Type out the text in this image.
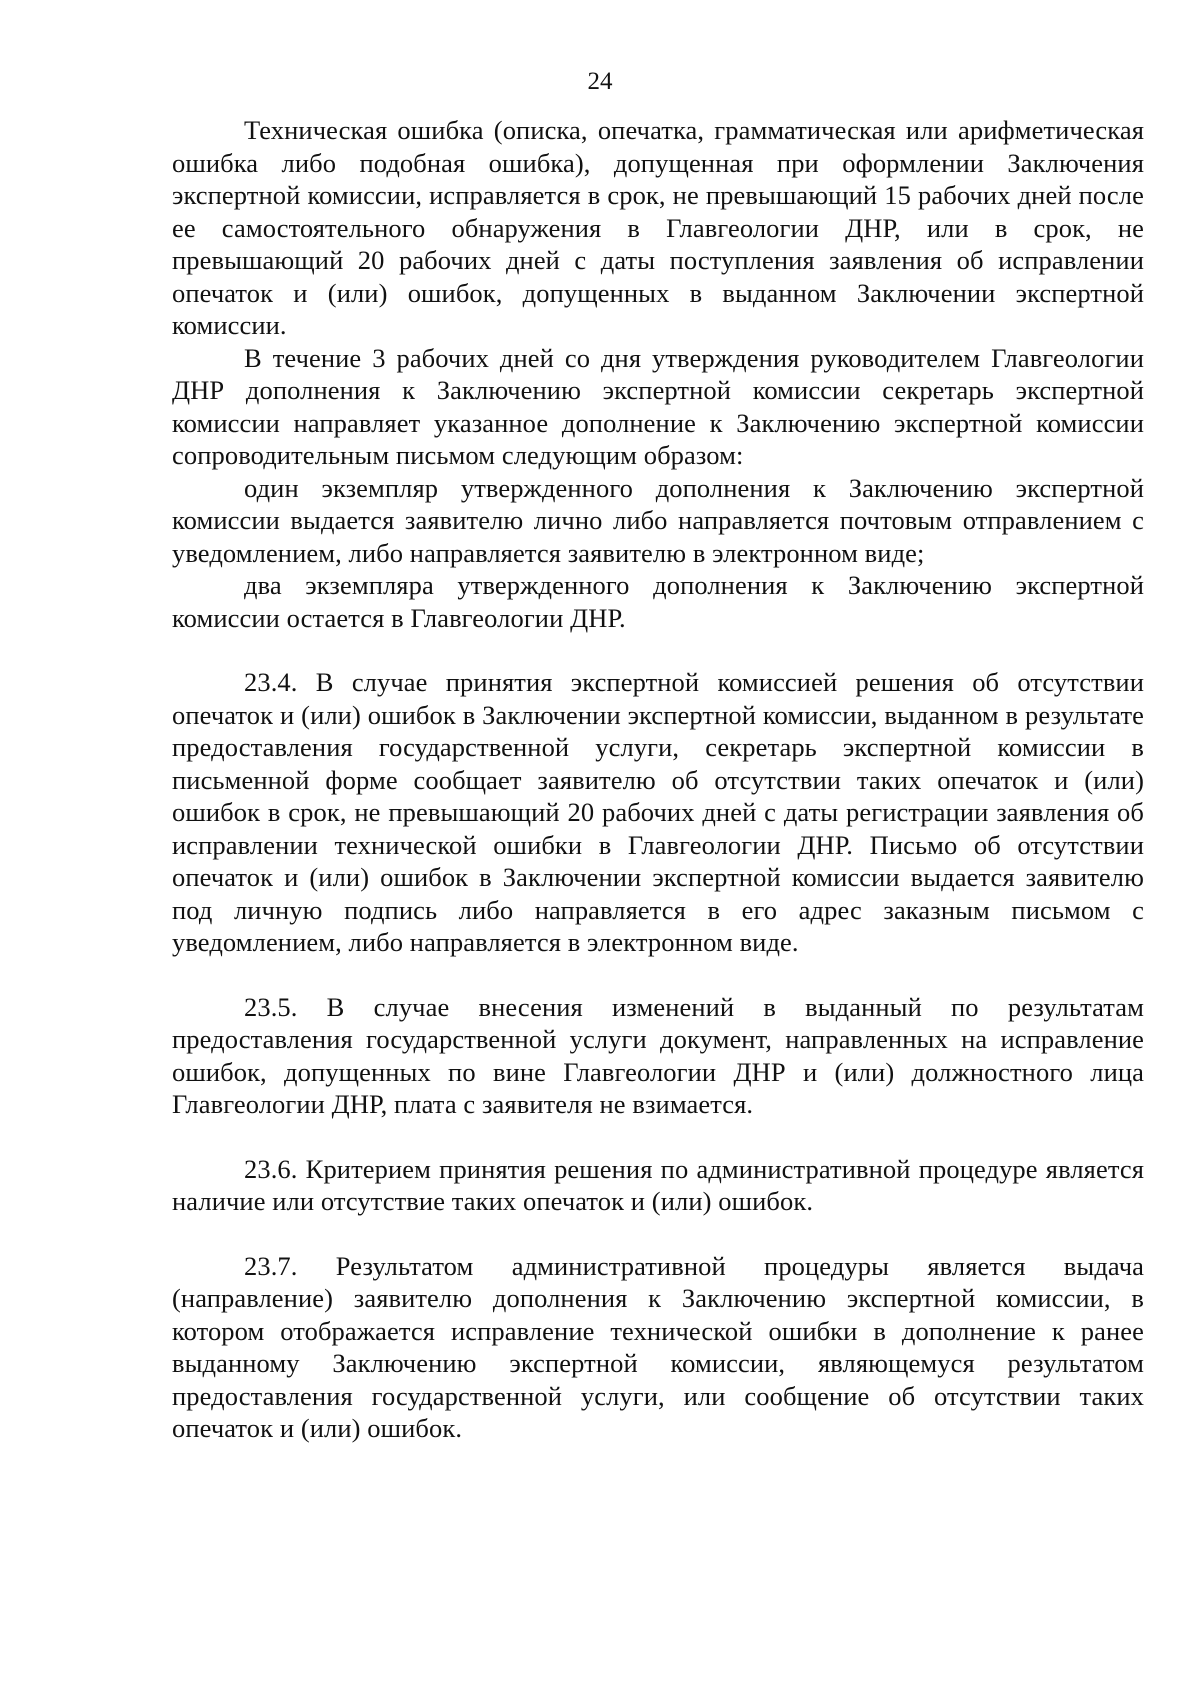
24

Техническая ошибка (описка, опечатка, грамматическая или арифметическая ошибка либо подобная ошибка), допущенная при оформлении Заключения экспертной комиссии, исправляется в срок, не превышающий 15 рабочих дней после ее самостоятельного обнаружения в Главгеологии ДНР, или в срок, не превышающий 20 рабочих дней с даты поступления заявления об исправлении опечаток и (или) ошибок, допущенных в выданном Заключении экспертной комиссии.

В течение 3 рабочих дней со дня утверждения руководителем Главгеологии ДНР дополнения к Заключению экспертной комиссии секретарь экспертной комиссии направляет указанное дополнение к Заключению экспертной комиссии сопроводительным письмом следующим образом:

один экземпляр утвержденного дополнения к Заключению экспертной комиссии выдается заявителю лично либо направляется почтовым отправлением с уведомлением, либо направляется заявителю в электронном виде;

два экземпляра утвержденного дополнения к Заключению экспертной комиссии остается в Главгеологии ДНР.

23.4. В случае принятия экспертной комиссией решения об отсутствии опечаток и (или) ошибок в Заключении экспертной комиссии, выданном в результате предоставления государственной услуги, секретарь экспертной комиссии в письменной форме сообщает заявителю об отсутствии таких опечаток и (или) ошибок в срок, не превышающий 20 рабочих дней с даты регистрации заявления об исправлении технической ошибки в Главгеологии ДНР. Письмо об отсутствии опечаток и (или) ошибок в Заключении экспертной комиссии выдается заявителю под личную подпись либо направляется в его адрес заказным письмом с уведомлением, либо направляется в электронном виде.

23.5. В случае внесения изменений в выданный по результатам предоставления государственной услуги документ, направленных на исправление ошибок, допущенных по вине Главгеологии ДНР и (или) должностного лица Главгеологии ДНР, плата с заявителя не взимается.

23.6. Критерием принятия решения по административной процедуре является наличие или отсутствие таких опечаток и (или) ошибок.

23.7. Результатом административной процедуры является выдача (направление) заявителю дополнения к Заключению экспертной комиссии, в котором отображается исправление технической ошибки в дополнение к ранее выданному Заключению экспертной комиссии, являющемуся результатом предоставления государственной услуги, или сообщение об отсутствии таких опечаток и (или) ошибок.
